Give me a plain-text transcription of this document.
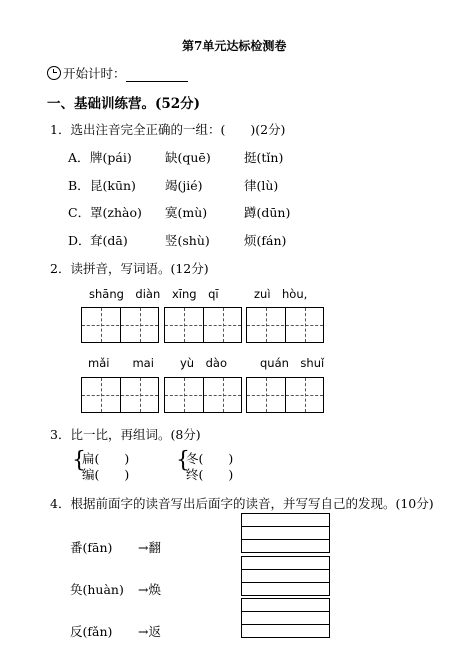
第7单元达标检测卷
开始计时：
一、基础训练营。(52分)
1．选出注音完全正确的一组：(　　)(2分)
A． 牌(pái)	缺(quē)	挺(tǐn)
B． 昆(kūn) 竭(jié)	律(lù)
C． 罩(zhào) 寞(mù)	蹲(dūn)
D． 耷(dā)	竖(shù)	烦(fán)
2．读拼音，写词语。(12分)
shāng　diàn xīng　qī	zuì　hòu,
mǎi　　mai yù　dào	quán　shuǐ
3．比一比，再组词。(8分)
{
扁(　　)
编(　　)
{
冬(　　)
终(　　)
4．根据前面字的读音写出后面字的读音，并写写自己的发现。(10分)
番(fān) →翻
奂(huàn) →焕
反(fǎn) →返
